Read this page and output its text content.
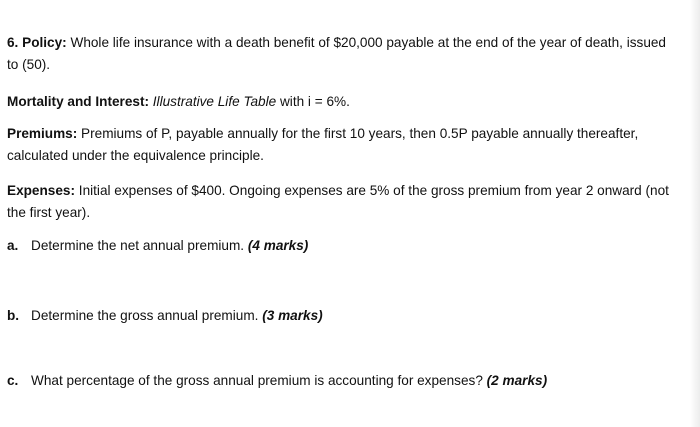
6. Policy: Whole life insurance with a death benefit of $20,000 payable at the end of the year of death, issued
to (50).
Mortality and Interest: Illustrative Life Table with i = 6%.
Premiums: Premiums of P, payable annually for the first 10 years, then 0.5P payable annually thereafter,
calculated under the equivalence principle.
Expenses: Initial expenses of $400. Ongoing expenses are 5% of the gross premium from year 2 onward (not
the first year).
a. Determine the net annual premium. (4 marks)
b. Determine the gross annual premium. (3 marks)
c. What percentage of the gross annual premium is accounting for expenses? (2 marks)
